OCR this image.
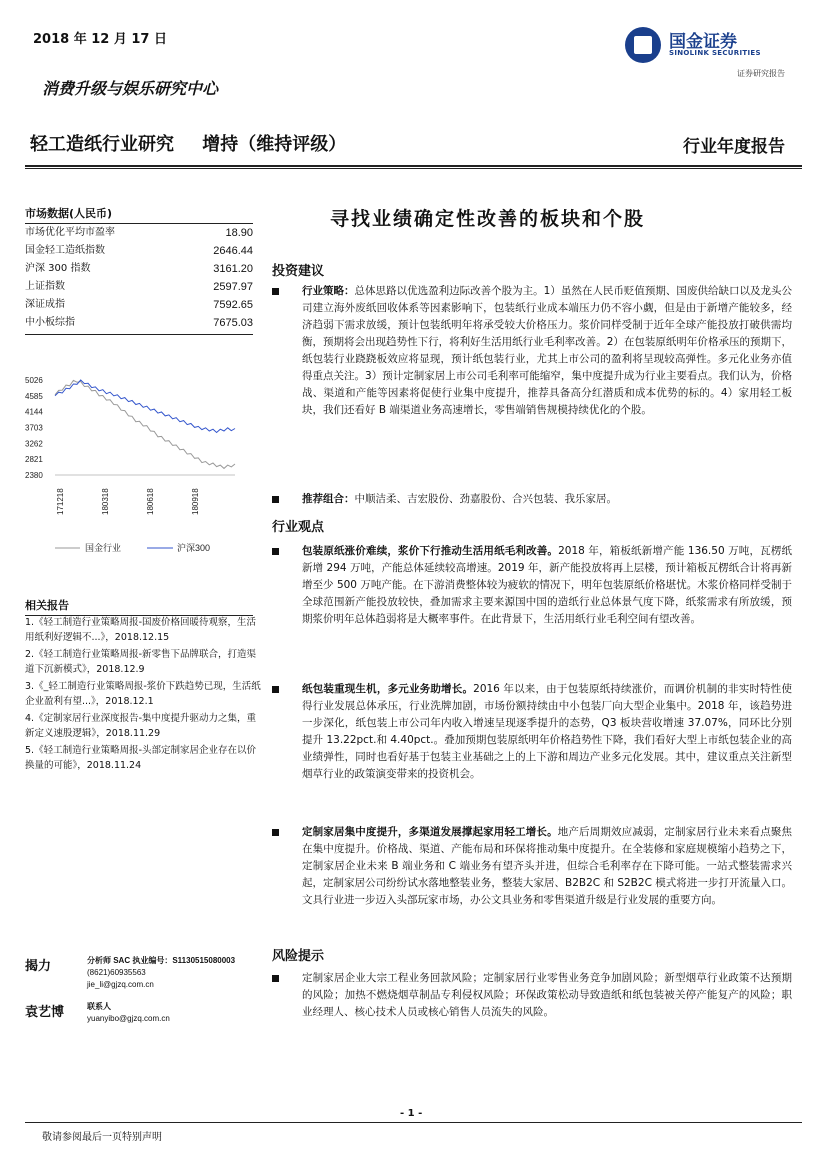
2018 年 12 月 17 日
消费升级与娱乐研究中心
轻工造纸行业研究 增持（维持评级）	行业年度报告
国金证券
SINOLINK SECURITIES
证券研究报告
市场数据(人民币)
市场优化平均市盈率	18.90
国金轻工造纸指数	2646.44
沪深 300 指数	3161.20
上证指数	2597.97
深证成指	7592.65
中小板综指	7675.03
5026
4585
4144
3703
3262
2821
2380
171218	180318	180618	180918
国金行业	沪深300
相关报告
1.《轻工制造行业策略周报-国废价格回暖待观察，生活用纸利好逻辑不...》，2018.12.15
2.《轻工制造行业策略周报-新零售下品牌联合，打造渠道下沉新模式》，2018.12.9
3.《_轻工制造行业策略周报-浆价下跌趋势已现，生活纸企业盈利有望...》，2018.12.1
4.《定制家居行业深度报告-集中度提升驱动力之集，重新定义速股逻辑》，2018.11.29
5.《轻工制造行业策略周报-头部定制家居企业存在以价换量的可能》，2018.11.24
揭力	分析师 SAC 执业编号：S1130515080003
(8621)60935563
jie_li@gjzq.com.cn
袁艺博	联系人
yuanyibo@gjzq.com.cn
寻找业绩确定性改善的板块和个股
投资建议
行业策略：总体思路以优选盈利边际改善个股为主。1）虽然在人民币贬值预期、国废供给缺口以及龙头公司建立海外废纸回收体系等因素影响下，包装纸行业成本端压力仍不容小觑，但是由于新增产能较多，经济趋弱下需求放缓，预计包装纸明年将承受较大价格压力。浆价同样受制于近年全球产能投放打破供需均衡，预期将会出现趋势性下行，将利好生活用纸行业毛利率改善。2）在包装原纸明年价格承压的预期下，纸包装行业跷跷板效应将显现，预计纸包装行业，尤其上市公司的盈利将呈现较高弹性。多元化业务亦值得重点关注。3）预计定制家居上市公司毛利率可能缩窄，集中度提升成为行业主要看点。我们认为，价格战、渠道和产能等因素将促使行业集中度提升，推荐具备高分红潜质和成本优势的标的。4）家用轻工板块，我们还看好 B 端渠道业务高速增长，零售端销售规模持续优化的个股。
推荐组合：中顺洁柔、吉宏股份、劲嘉股份、合兴包装、我乐家居。
行业观点
包装原纸涨价难续，浆价下行推动生活用纸毛利改善。2018 年，箱板纸新增产能 136.50 万吨，瓦楞纸新增 294 万吨，产能总体延续较高增速。2019 年，新产能投放将再上层楼，预计箱板瓦楞纸合计将再新增至少 500 万吨产能。在下游消费整体较为疲软的情况下，明年包装原纸价格堪忧。木浆价格同样受制于全球范围新产能投放较快，叠加需求主要来源国中国的造纸行业总体景气度下降，纸浆需求有所放缓，预期浆价明年总体趋弱将是大概率事件。在此背景下，生活用纸行业毛利空间有望改善。
纸包装重现生机，多元业务助增长。2016 年以来，由于包装原纸持续涨价，而调价机制的非实时特性使得行业发展总体承压，行业洗牌加剧，市场份额持续由中小包装厂向大型企业集中。2018 年，该趋势进一步深化，纸包装上市公司年内收入增速呈现逐季提升的态势，Q3 板块营收增速 37.07%，同环比分别提升 13.22pct.和 4.40pct.。叠加预期包装原纸明年价格趋势性下降，我们看好大型上市纸包装企业的高业绩弹性，同时也看好基于包装主业基础之上的上下游和周边产业多元化发展。其中，建议重点关注新型烟草行业的政策演变带来的投资机会。
定制家居集中度提升，多渠道发展撑起家用轻工增长。地产后周期效应减弱，定制家居行业未来看点聚焦在集中度提升。价格战、渠道、产能布局和环保将推动集中度提升。在全装修和家庭规模缩小趋势之下，定制家居企业未来 B 端业务和 C 端业务有望齐头并进，但综合毛利率存在下降可能。一站式整装需求兴起，定制家居公司纷纷试水落地整装业务，整装大家居、B2B2C 和 S2B2C 模式将进一步打开流量入口。文具行业进一步迈入头部玩家市场，办公文具业务和零售渠道升级是行业发展的重要方向。
风险提示
定制家居企业大宗工程业务回款风险；定制家居行业零售业务竞争加剧风险；新型烟草行业政策不达预期的风险；加热不燃烧烟草制品专利侵权风险；环保政策松动导致造纸和纸包装被关停产能复产的风险；职业经理人、核心技术人员或核心销售人员流失的风险。
- 1 -
敬请参阅最后一页特别声明
